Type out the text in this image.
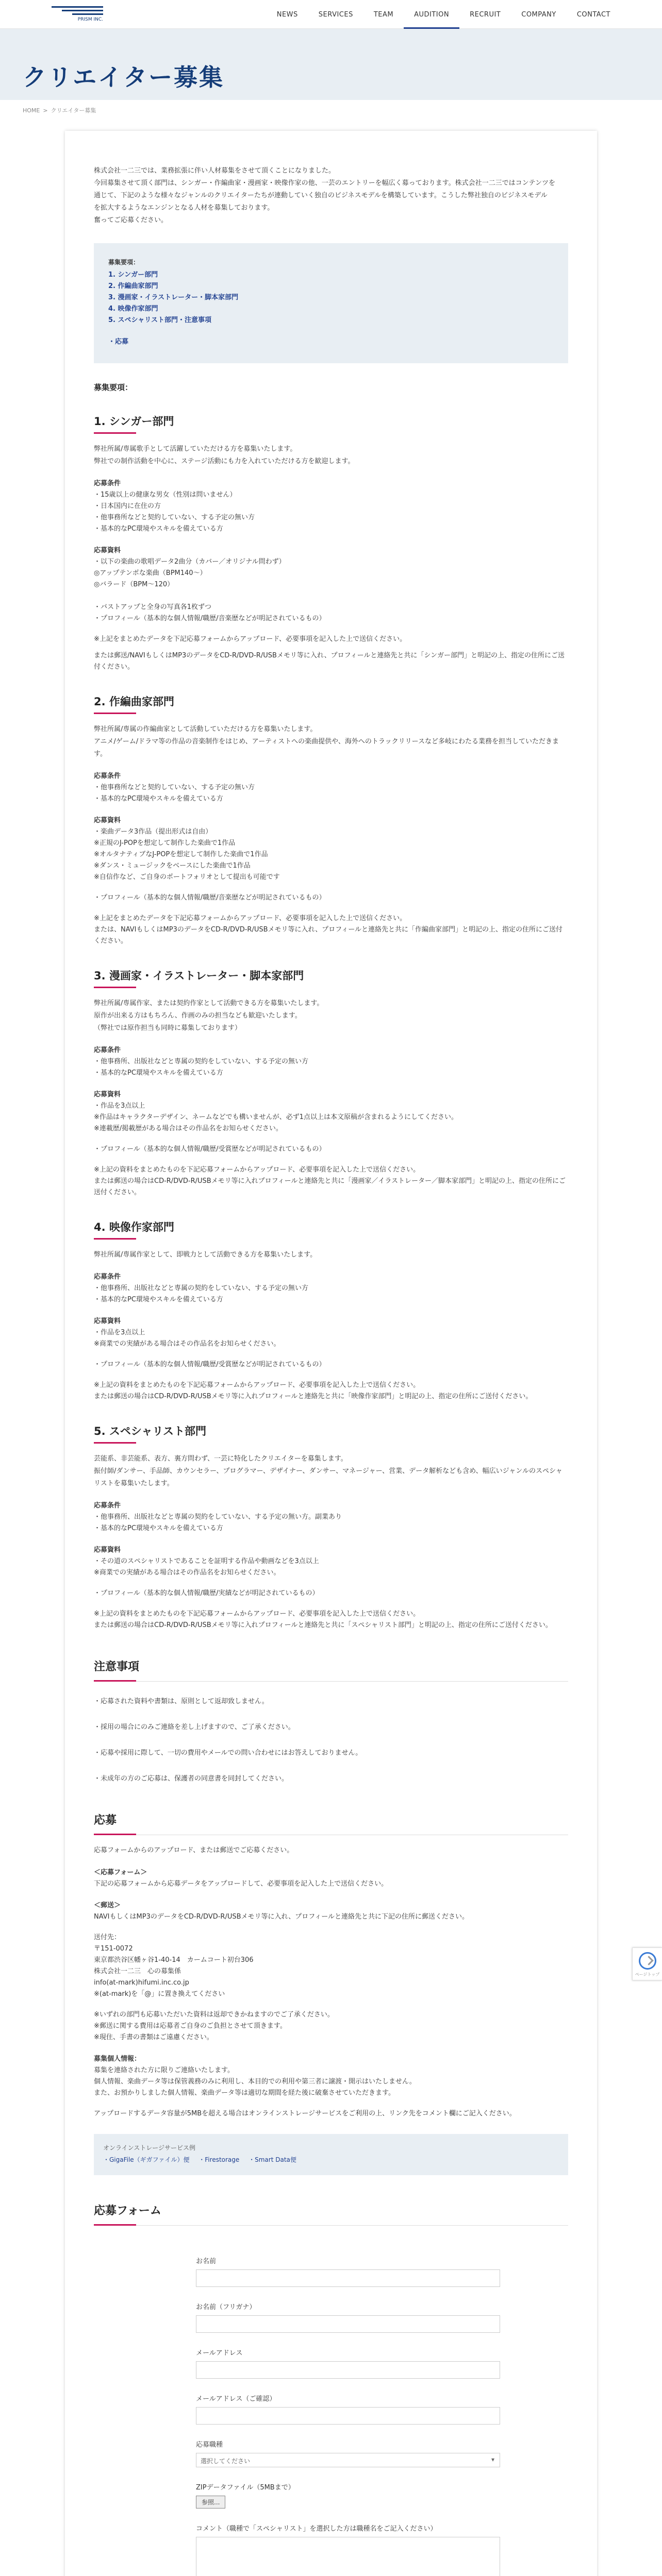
PRISM INC.
NEWS	SERVICES	TEAM	AUDITION	RECRUIT	COMPANY	CONTACT
クリエイター募集
HOME > クリエイター募集

株式会社一二三では、業務拡張に伴い人材募集をさせて頂くことになりました。

今回募集させて頂く部門は、シンガー・作編曲家・漫画家・映像作家の他、一芸のエントリーを幅広く募っております。株式会社一二三ではコンテンツを

通じて、下記のような様々なジャンルのクリエイターたちが連動していく独自のビジネスモデルを構築しています。こうした弊社独自のビジネスモデル

を拡大するようなエンジンとなる人材を募集しております。

奮ってご応募ください。

募集要項：
1. シンガー部門
2. 作編曲家部門
3. 漫画家・イラストレーター・脚本家部門
4. 映像作家部門
5. スペシャリスト部門・注意事項
・応募
募集要項：
1. シンガー部門
弊社所属/専属歌手として活躍していただける方を募集いたします。
弊社での制作活動を中心に、ステージ活動にも力を入れていただける方を歓迎します。
応募条件
・15歳以上の健康な男女（性別は問いません）
・日本国内に在住の方
・他事務所などと契約していない、する予定の無い方
・基本的なPC環境やスキルを備えている方
応募資料
・以下の楽曲の歌唱データ2曲分（カバー／オリジナル問わず）
◎アップテンポな楽曲（BPM140〜）
◎バラード（BPM〜120）
・バストアップと全身の写真各1枚ずつ
・プロフィール（基本的な個人情報/職歴/音楽歴などが明記されているもの）
※上記をまとめたデータを下記応募フォームからアップロード、必要事項を記入した上で送信ください。
または郵送/NAVIもしくはMP3のデータをCD-R/DVD-R/USBメモリ等に入れ、プロフィールと連絡先と共に「シンガー部門」と明記の上、指定の住所にご送付ください。
2. 作編曲家部門
弊社所属/専属の作編曲家として活動していただける方を募集いたします。
アニメ/ゲーム/ドラマ等の作品の音楽制作をはじめ、アーティストへの楽曲提供や、海外へのトラックリリースなど多岐にわたる業務を担当していただきます。
応募条件
・他事務所などと契約していない、する予定の無い方
・基本的なPC環境やスキルを備えている方
応募資料
・楽曲データ3作品（提出形式は自由）
※正規のJ-POPを想定して制作した楽曲で1作品
※オルタナティブなJ-POPを想定して制作した楽曲で1作品
※ダンス・ミュージックをベースにした楽曲で1作品
※自信作など、ご自身のポートフォリオとして提出も可能です
・プロフィール（基本的な個人情報/職歴/音楽歴などが明記されているもの）
※上記をまとめたデータを下記応募フォームからアップロード、必要事項を記入した上で送信ください。
または、NAVIもしくはMP3のデータをCD-R/DVD-R/USBメモリ等に入れ、プロフィールと連絡先と共に「作編曲家部門」と明記の上、指定の住所にご送付ください。
3. 漫画家・イラストレーター・脚本家部門
弊社所属/専属作家、または契約作家として活動できる方を募集いたします。
原作が出来る方はもちろん、作画のみの担当なども歓迎いたします。
（弊社では原作担当も同時に募集しております）
応募条件
・他事務所、出版社などと専属の契約をしていない、する予定の無い方
・基本的なPC環境やスキルを備えている方
応募資料
・作品を3点以上
※作品はキャラクターデザイン、ネームなどでも構いませんが、必ず1点以上は本文原稿が含まれるようにしてください。
※連載歴/掲載歴がある場合はその作品名をお知らせください。
・プロフィール（基本的な個人情報/職歴/受賞歴などが明記されているもの）
※上記の資料をまとめたものを下記応募フォームからアップロード、必要事項を記入した上で送信ください。
または郵送の場合はCD-R/DVD-R/USBメモリ等に入れプロフィールと連絡先と共に「漫画家／イラストレーター／脚本家部門」と明記の上、指定の住所にご送付ください。
4. 映像作家部門
弊社所属/専属作家として、即戦力として活動できる方を募集いたします。
応募条件
・他事務所、出版社などと専属の契約をしていない、する予定の無い方
・基本的なPC環境やスキルを備えている方
応募資料
・作品を3点以上
※商業での実績がある場合はその作品名をお知らせください。
・プロフィール（基本的な個人情報/職歴/受賞歴などが明記されているもの）
※上記の資料をまとめたものを下記応募フォームからアップロード、必要事項を記入した上で送信ください。
または郵送の場合はCD-R/DVD-R/USBメモリ等に入れプロフィールと連絡先と共に「映像作家部門」と明記の上、指定の住所にご送付ください。
5. スペシャリスト部門
芸能系、非芸能系、表方、裏方問わず、一芸に特化したクリエイターを募集します。
振付師/ダンサー、手品師、カウンセラー、プログラマー、デザイナー、ダンサー、マネージャー、営業、データ解析なども含め、幅広いジャンルのスペシャリストを募集いたします。
応募条件
・他事務所、出版社などと専属の契約をしていない、する予定の無い方。副業あり
・基本的なPC環境やスキルを備えている方
応募資料
・その道のスペシャリストであることを証明する作品や動画などを3点以上
※商業での実績がある場合はその作品名をお知らせください。
・プロフィール（基本的な個人情報/職歴/実績などが明記されているもの）
※上記の資料をまとめたものを下記応募フォームからアップロード、必要事項を記入した上で送信ください。
または郵送の場合はCD-R/DVD-R/USBメモリ等に入れプロフィールと連絡先と共に「スペシャリスト部門」と明記の上、指定の住所にご送付ください。
注意事項
・応募された資料や書類は、原則として返却致しません。
・採用の場合にのみご連絡を差し上げますので、ご了承ください。
・応募や採用に際して、一切の費用やメールでの問い合わせにはお答えしておりません。
・未成年の方のご応募は、保護者の同意書を同封してください。
応募
応募フォームからのアップロード、または郵送でご応募ください。
＜応募フォーム＞
下記の応募フォームから応募データをアップロードして、必要事項を記入した上で送信ください。
＜郵送＞
NAVIもしくはMP3のデータをCD-R/DVD-R/USBメモリ等に入れ、プロフィールと連絡先と共に下記の住所に郵送ください。
送付先：
〒151-0072
東京都渋谷区幡ヶ谷1-40-14　カームコート初台306
株式会社一二三　心の募集係
info(at-mark)hifumi.inc.co.jp
※(at-mark)を「@」に置き換えてください
※いずれの部門も応募いただいた資料は返却できかねますのでご了承ください。
※郵送に関する費用は応募者ご自身のご負担とさせて頂きます。
※現住、手書の書類はご遠慮ください。
募集個人情報：
募集を連絡された方に限りご連絡いたします。
個人情報、楽曲データ等は保管義務のみに利用し、本目的での利用や第三者に譲渡・開示はいたしません。
また、お預かりしました個人情報、楽曲データ等は適切な期間を経た後に破棄させていただきます。
アップロードするデータ容量が5MBを超える場合はオンラインストレージサービスをご利用の上、リンク先をコメント欄にご記入ください。
オンラインストレージサービス例
・GigaFile（ギガファイル）便 ・Firestorage ・Smart Data便
応募フォーム
お名前
お名前（フリガナ）
メールアドレス
メールアドレス（ご確認）
応募職種
選択してください ▾
ZIPデータファイル（5MBまで）
参照...
コメント（職種で「スペシャリスト」を選択した方は職種名をご記入ください）
ページトップ
